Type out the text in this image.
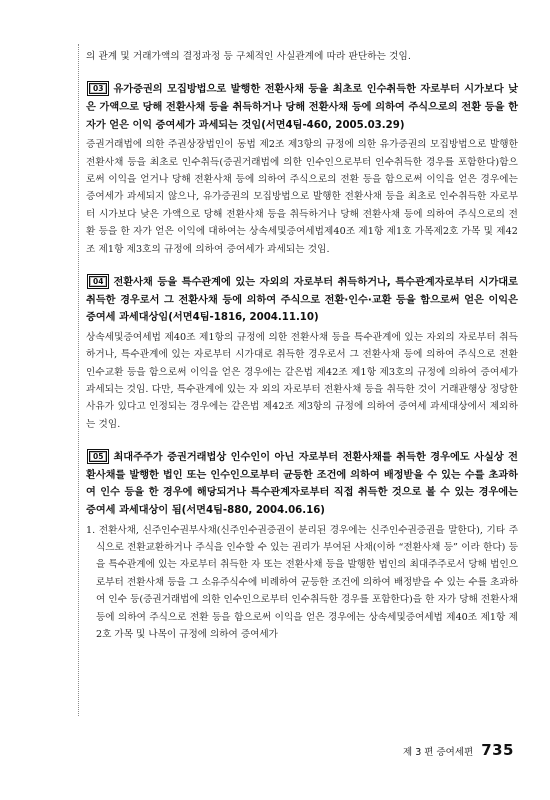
의 관계 및 거래가액의 결정과정 등 구체적인 사실관계에 따라 판단하는 것임.

03 유가증권의 모집방법으로 발행한 전환사채 등을 최초로 인수취득한 자로부터 시가보다 낮은 가액으로 당해 전환사채 등을 취득하거나 당해 전환사채 등에 의하여 주식으로의 전환 등을 한 자가 얻은 이익 증여세가 과세되는 것임(서면4팀-460, 2005.03.29)

증권거래법에 의한 주권상장법인이 동법 제2조 제3항의 규정에 의한 유가증권의 모집방법으로 발행한 전환사채 등을 최초로 인수취득(증권거래법에 의한 인수인으로부터 인수취득한 경우를 포함한다)함으로써 이익을 얻거나 당해 전환사채 등에 의하여 주식으로의 전환 등을 함으로써 이익을 얻은 경우에는 증여세가 과세되지 않으나, 유가증권의 모집방법으로 발행한 전환사채 등을 최초로 인수취득한 자로부터 시가보다 낮은 가액으로 당해 전환사채 등을 취득하거나 당해 전환사채 등에 의하여 주식으로의 전환 등을 한 자가 얻은 이익에 대하여는 상속세및증여세법제40조 제1항 제1호 가목제2호 가목 및 제42조 제1항 제3호의 규정에 의하여 증여세가 과세되는 것임.

04 전환사채 등을 특수관계에 있는 자외의 자로부터 취득하거나, 특수관계자로부터 시가대로 취득한 경우로서 그 전환사채 등에 의하여 주식으로 전환·인수·교환 등을 함으로써 얻은 이익은 증여세 과세대상임(서면4팀-1816, 2004.11.10)

상속세및증여세법 제40조 제1항의 규정에 의한 전환사채 등을 특수관계에 있는 자외의 자로부터 취득하거나, 특수관계에 있는 자로부터 시가대로 취득한 경우로서 그 전환사채 등에 의하여 주식으로 전환인수교환 등을 함으로써 이익을 얻은 경우에는 같은법 제42조 제1항 제3호의 규정에 의하여 증여세가 과세되는 것임. 다만, 특수관계에 있는 자 외의 자로부터 전환사채 등을 취득한 것이 거래관행상 정당한 사유가 있다고 인정되는 경우에는 같은법 제42조 제3항의 규정에 의하여 증여세 과세대상에서 제외하는 것임.

05 최대주주가 증권거래법상 인수인이 아닌 자로부터 전환사채를 취득한 경우에도 사실상 전환사채를 발행한 법인 또는 인수인으로부터 균등한 조건에 의하여 배정받을 수 있는 수를 초과하여 인수 등을 한 경우에 해당되거나 특수관계자로부터 직접 취득한 것으로 볼 수 있는 경우에는 증여세 과세대상이 됨(서면4팀-880, 2004.06.16)

1. 전환사채, 신주인수권부사채(신주인수권증권이 분리된 경우에는 신주인수권증권을 말한다), 기타 주식으로 전환교환하거나 주식을 인수할 수 있는 권리가 부여된 사채(이하 “전환사채 등” 이라 한다) 등을 특수관계에 있는 자로부터 취득한 자 또는 전환사채 등을 발행한 법인의 최대주주로서 당해 법인으로부터 전환사채 등을 그 소유주식수에 비례하여 균등한 조건에 의하여 배정받을 수 있는 수를 초과하여 인수 등(증권거래법에 의한 인수인으로부터 인수취득한 경우를 포함한다)을 한 자가 당해 전환사채 등에 의하여 주식으로 전환 등을 함으로써 이익을 얻은 경우에는 상속세및증여세법 제40조 제1항 제2호 가목 및 나목이 규정에 의하여 증여세가
제 3 편 증여세편 735
